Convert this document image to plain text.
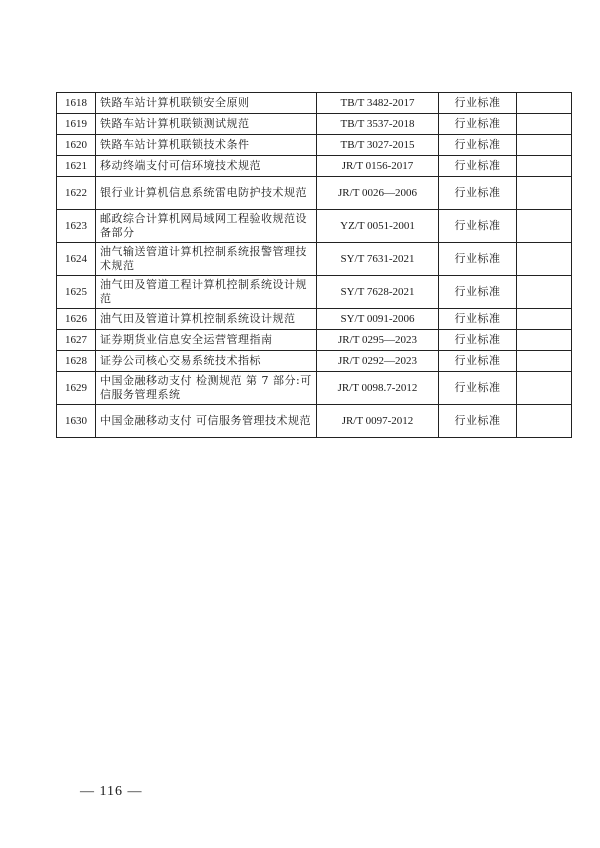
1618	铁路车站计算机联锁安全原则	TB/T 3482-2017	行业标准	
1619	铁路车站计算机联锁测试规范	TB/T 3537-2018	行业标准	
1620	铁路车站计算机联锁技术条件	TB/T 3027-2015	行业标准	
1621	移动终端支付可信环境技术规范	JR/T 0156-2017	行业标准	
1622	银行业计算机信息系统雷电防护技术规范	JR/T 0026—2006	行业标准	
1623	邮政综合计算机网局域网工程验收规范设备部分	YZ/T 0051-2001	行业标准	
1624	油气输送管道计算机控制系统报警管理技术规范	SY/T 7631-2021	行业标准	
1625	油气田及管道工程计算机控制系统设计规范	SY/T 7628-2021	行业标准	
1626	油气田及管道计算机控制系统设计规范	SY/T 0091-2006	行业标准	
1627	证券期货业信息安全运营管理指南	JR/T 0295—2023	行业标准	
1628	证券公司核心交易系统技术指标	JR/T 0292—2023	行业标准	
1629	中国金融移动支付 检测规范 第 7 部分:可信服务管理系统	JR/T 0098.7-2012	行业标准	
1630	中国金融移动支付 可信服务管理技术规范	JR/T 0097-2012	行业标准	
— 116 —
